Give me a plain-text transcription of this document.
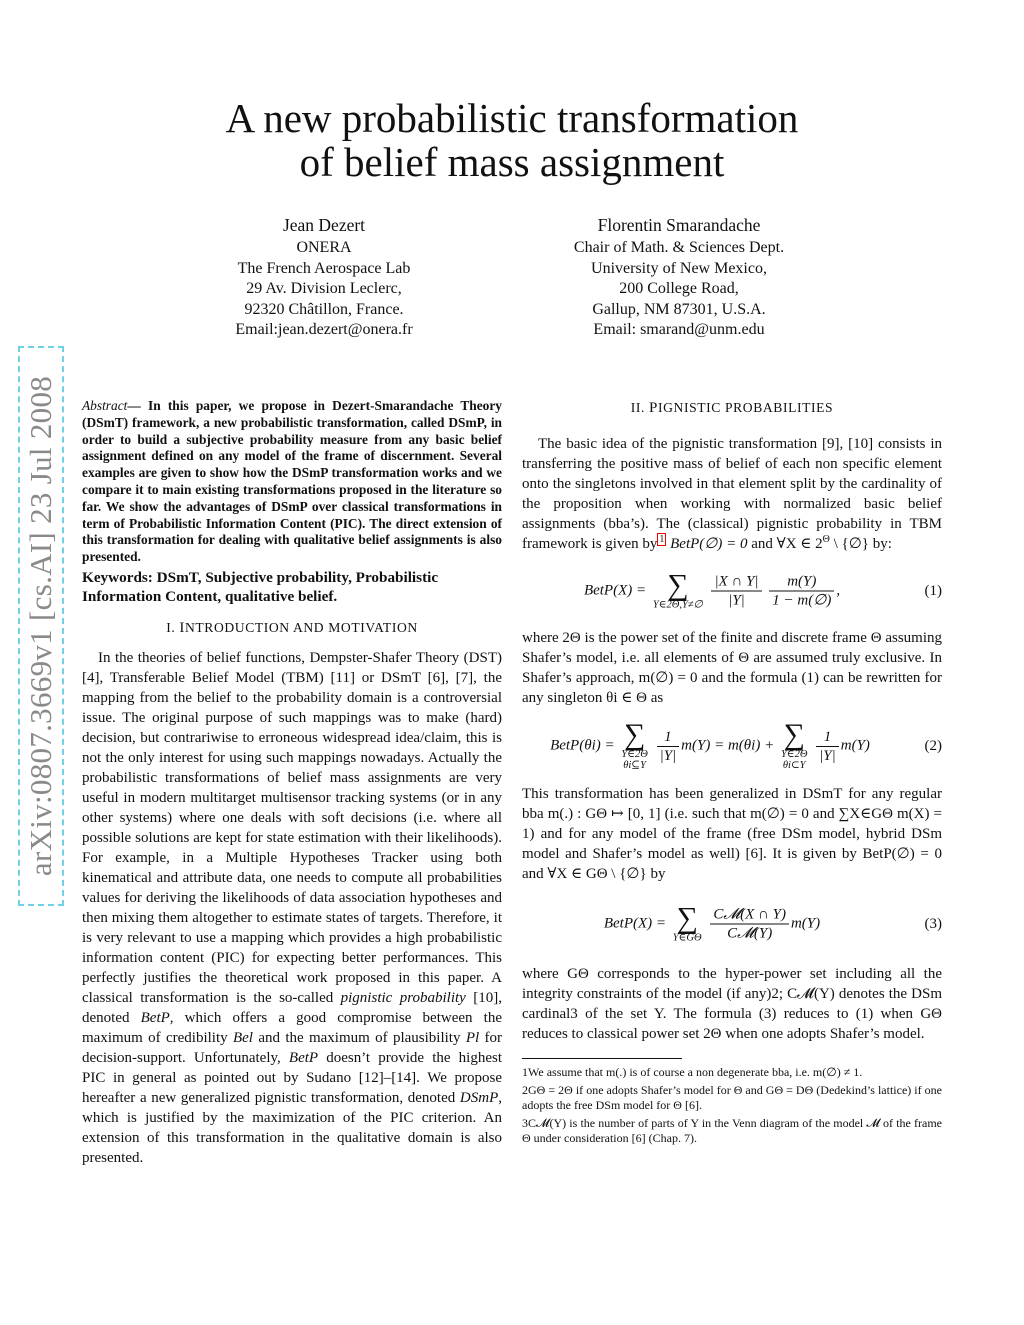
A new probabilistic transformation
of belief mass assignment
Jean Dezert
ONERA
The French Aerospace Lab
29 Av. Division Leclerc,
92320 Châtillon, France.
Email:jean.dezert@onera.fr
Florentin Smarandache
Chair of Math. & Sciences Dept.
University of New Mexico,
200 College Road,
Gallup, NM 87301, U.S.A.
Email: smarand@unm.edu
arXiv:0807.3669v1 [cs.AI] 23 Jul 2008 Abstract— In this paper, we propose in Dezert-Smarandache Theory (DSmT) framework, a new probabilistic transformation, called DSmP, in order to build a subjective probability measure from any basic belief assignment defined on any model of the frame of discernment. Several examples are given to show how the DSmP transformation works and we compare it to main existing transformations proposed in the literature so far. We show the advantages of DSmP over classical transformations in term of Probabilistic Information Content (PIC). The direct extension of this transformation for dealing with qualitative belief assignments is also presented.
Keywords: DSmT, Subjective probability, Probabilistic Information Content, qualitative belief.
I. INTRODUCTION AND MOTIVATION

In the theories of belief functions, Dempster-Shafer Theory (DST) [4], Transferable Belief Model (TBM) [11] or DSmT [6], [7], the mapping from the belief to the probability domain is a controversial issue. The original purpose of such mappings was to make (hard) decision, but contrariwise to erroneous widespread idea/claim, this is not the only interest for using such mappings nowadays. Actually the probabilistic transformations of belief mass assignments are very useful in modern multitarget multisensor tracking systems (or in any other systems) where one deals with soft decisions (i.e. where all possible solutions are kept for state estimation with their likelihoods). For example, in a Multiple Hypotheses Tracker using both kinematical and attribute data, one needs to compute all probabilities values for deriving the likelihoods of data association hypotheses and then mixing them altogether to estimate states of targets. Therefore, it is very relevant to use a mapping which provides a high probabilistic information content (PIC) for expecting better performances. This perfectly justifies the theoretical work proposed in this paper. A classical transformation is the so-called pignistic probability [10], denoted BetP, which offers a good compromise between the maximum of credibility Bel and the maximum of plausibility Pl for decision-support. Unfortunately, BetP doesn’t provide the highest PIC in general as pointed out by Sudano [12]–[14]. We propose hereafter a new generalized pignistic transformation, denoted DSmP, which is justified by the maximization of the PIC criterion. An extension of this transformation in the qualitative domain is also presented.

II. PIGNISTIC PROBABILITIES

The basic idea of the pignistic transformation [9], [10] consists in transferring the positive mass of belief of each non specific element onto the singletons involved in that element split by the cardinality of the proposition when working with normalized basic belief assignments (bba’s). The (classical) pignistic probability in TBM framework is given by $^1$ BetP(∅) = 0 and ∀X ∈ $2^\Theta$ \ {∅} by:

BetP(X) = ∑
Y∈2Θ,Y≠∅
$\frac{|X \cap Y|}{|Y|}$
$\frac{m(Y)}{1 - m(\emptyset)}$ ,	(1)

where 2Θ is the power set of the finite and discrete frame Θ assuming Shafer’s model, i.e. all elements of Θ are assumed truly exclusive. In Shafer’s approach, m(∅) = 0 and the formula (1) can be rewritten for any singleton θi ∈ Θ as

BetP(θi) = ∑
Y∈2Θ
θi⊆Y

$\frac{1}{|Y|} m(Y) = m(\theta i)$ + ∑
Y∈2Θ
θi⊂Y

$\frac{1}{|Y|} m(Y)$	(2)

This transformation has been generalized in DSmT for any regular bba m(.) : GΘ ↦ [0, 1] (i.e. such that m(∅) = 0 and ∑X∈GΘ m(X) = 1) and for any model of the frame (free DSm model, hybrid DSm model and Shafer’s model as well) [6]. It is given by BetP(∅) = 0 and ∀X ∈ GΘ \ {∅} by

BetP(X) = ∑
Y∈GΘ
$\frac{\text{C𝓜(X ∩ Y)}}{\text{C𝓜(Y)}} m(Y)$	(3)

where GΘ corresponds to the hyper-power set including all the integrity constraints of the model (if any)2; C𝓜(Y) denotes the DSm cardinal3 of the set Y. The formula (3) reduces to (1) when GΘ reduces to classical power set 2Θ when one adopts Shafer’s model.

1We assume that m(.) is of course a non degenerate bba, i.e. m(∅) ≠ 1.
2GΘ = 2Θ if one adopts Shafer’s model for Θ and GΘ = DΘ (Dedekind’s lattice) if one adopts the free DSm model for Θ [6].
3C𝓜(Y) is the number of parts of Y in the Venn diagram of the model 𝓜 of the frame Θ under consideration [6] (Chap. 7).
